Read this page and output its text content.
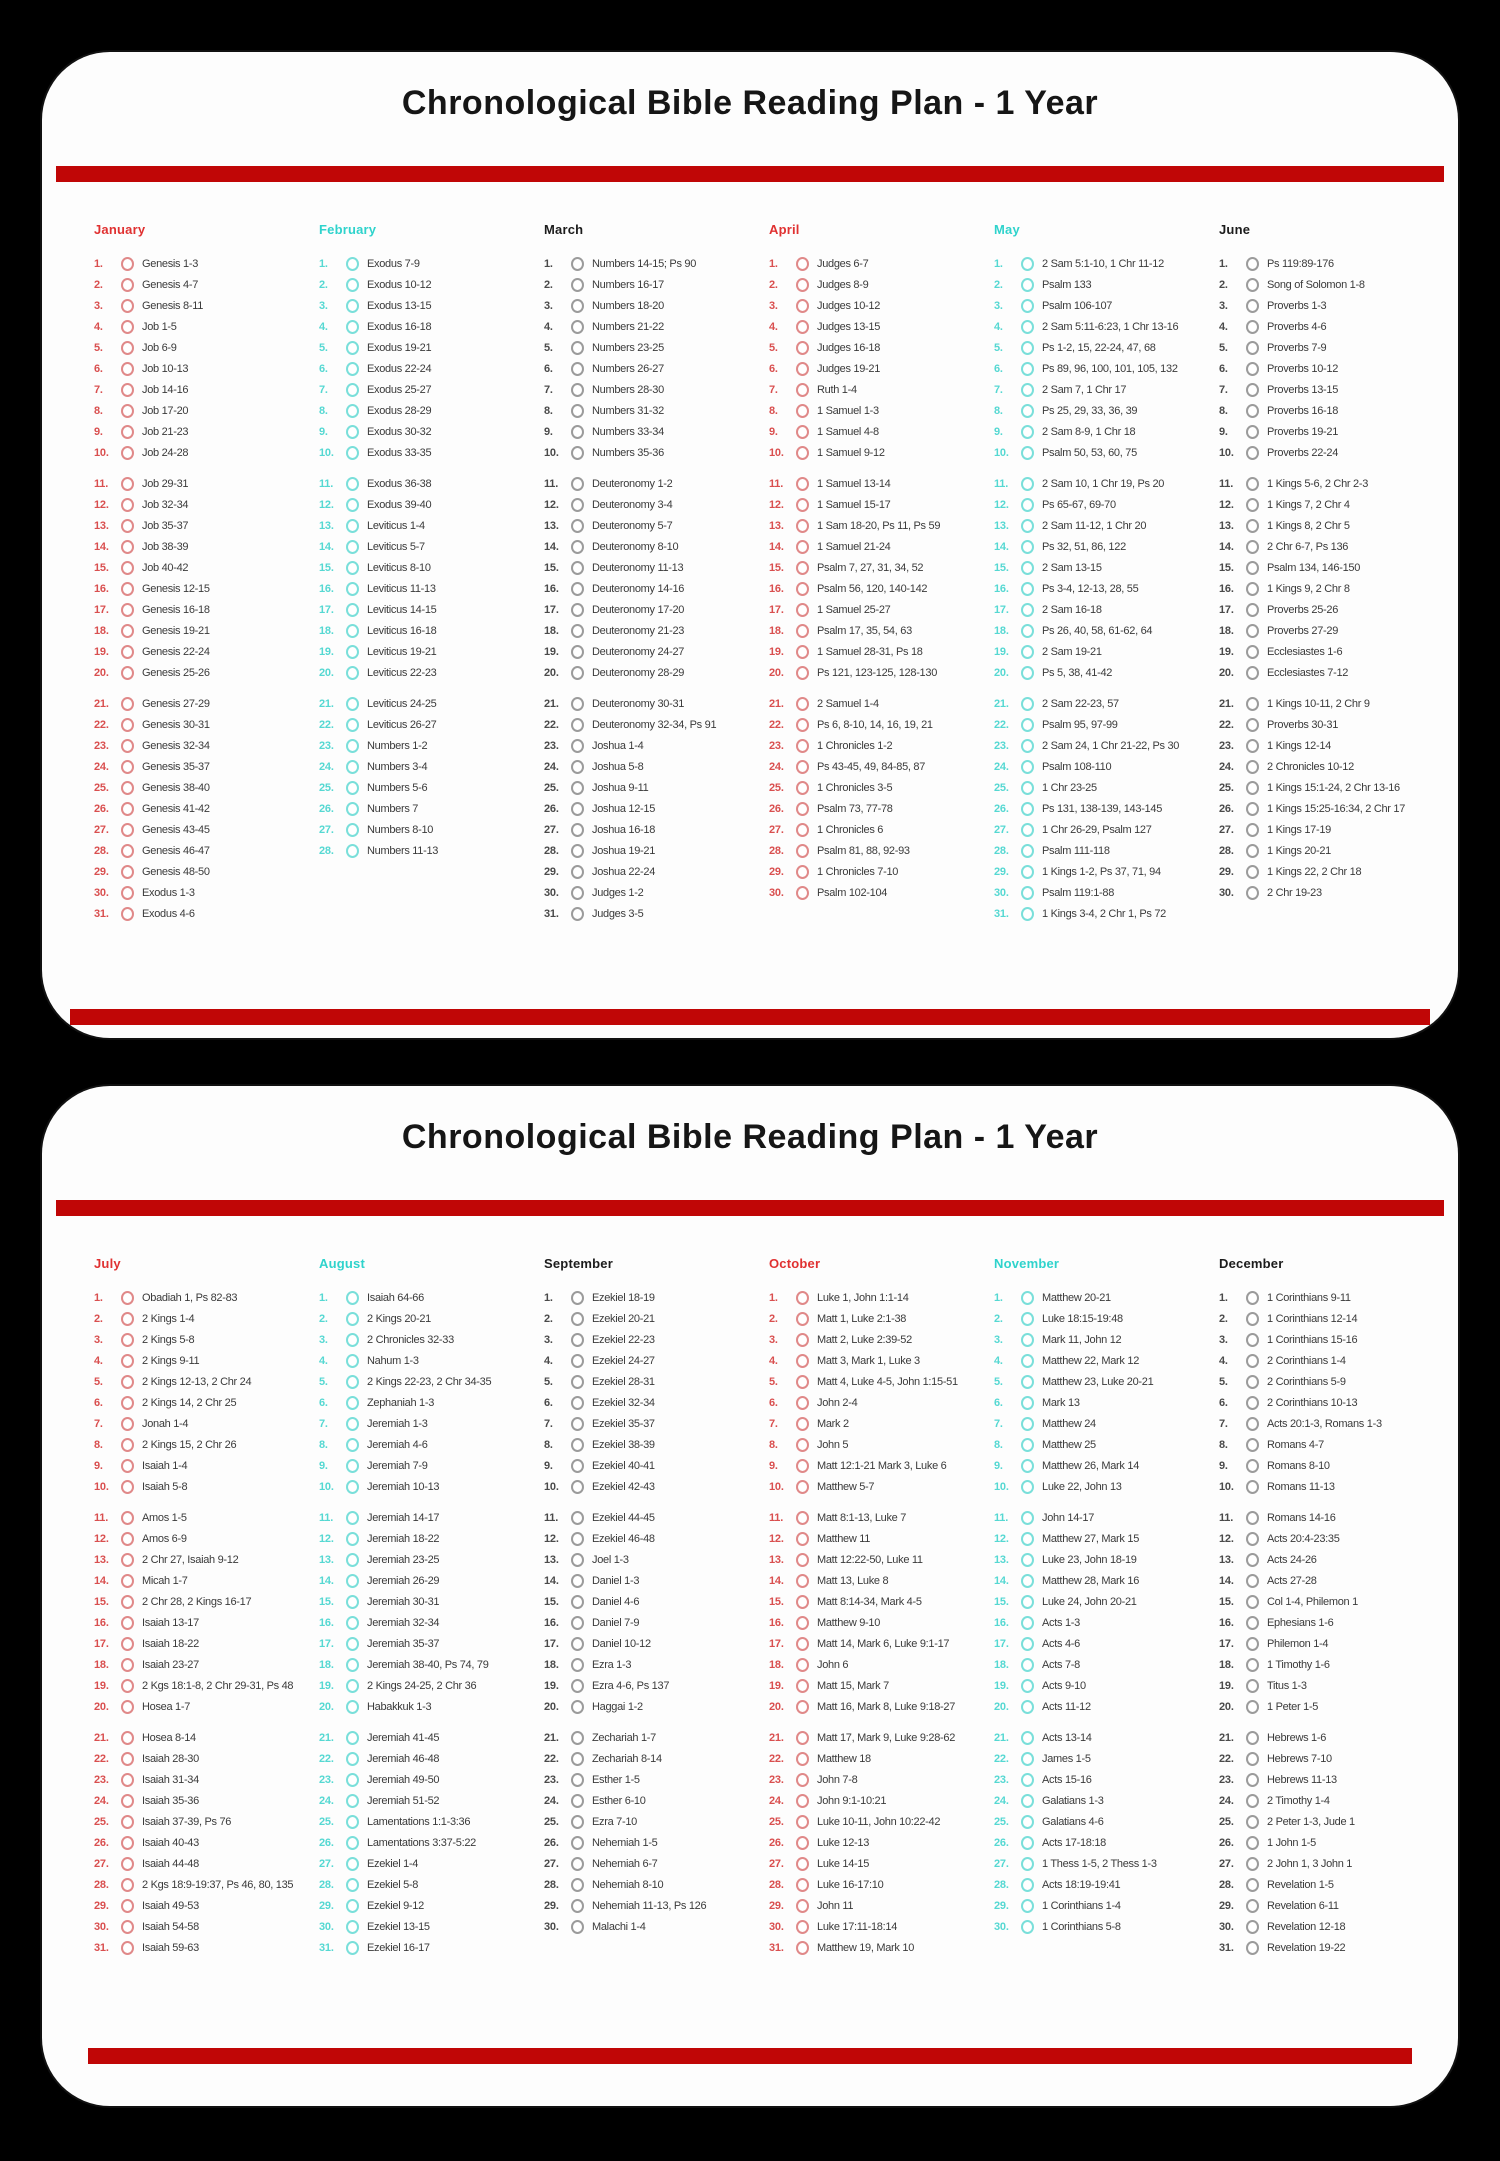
Chronological Bible Reading Plan - 1 Year
January
1.	Genesis 1-3
2.	Genesis 4-7
3.	Genesis 8-11
4.	Job 1-5
5.	Job 6-9
6.	Job 10-13
7.	Job 14-16
8.	Job 17-20
9.	Job 21-23
10.	Job 24-28
11.	Job 29-31
12.	Job 32-34
13.	Job 35-37
14.	Job 38-39
15.	Job 40-42
16.	Genesis 12-15
17.	Genesis 16-18
18.	Genesis 19-21
19.	Genesis 22-24
20.	Genesis 25-26
21.	Genesis 27-29
22.	Genesis 30-31
23.	Genesis 32-34
24.	Genesis 35-37
25.	Genesis 38-40
26.	Genesis 41-42
27.	Genesis 43-45
28.	Genesis 46-47
29.	Genesis 48-50
30.	Exodus 1-3
31.	Exodus 4-6
February
1.	Exodus 7-9
2.	Exodus 10-12
3.	Exodus 13-15
4.	Exodus 16-18
5.	Exodus 19-21
6.	Exodus 22-24
7.	Exodus 25-27
8.	Exodus 28-29
9.	Exodus 30-32
10.	Exodus 33-35
11.	Exodus 36-38
12.	Exodus 39-40
13.	Leviticus 1-4
14.	Leviticus 5-7
15.	Leviticus 8-10
16.	Leviticus 11-13
17.	Leviticus 14-15
18.	Leviticus 16-18
19.	Leviticus 19-21
20.	Leviticus 22-23
21.	Leviticus 24-25
22.	Leviticus 26-27
23.	Numbers 1-2
24.	Numbers 3-4
25.	Numbers 5-6
26.	Numbers 7
27.	Numbers 8-10
28.	Numbers 11-13
March
1.	Numbers 14-15; Ps 90
2.	Numbers 16-17
3.	Numbers 18-20
4.	Numbers 21-22
5.	Numbers 23-25
6.	Numbers 26-27
7.	Numbers 28-30
8.	Numbers 31-32
9.	Numbers 33-34
10.	Numbers 35-36
11.	Deuteronomy 1-2
12.	Deuteronomy 3-4
13.	Deuteronomy 5-7
14.	Deuteronomy 8-10
15.	Deuteronomy 11-13
16.	Deuteronomy 14-16
17.	Deuteronomy 17-20
18.	Deuteronomy 21-23
19.	Deuteronomy 24-27
20.	Deuteronomy 28-29
21.	Deuteronomy 30-31
22.	Deuteronomy 32-34, Ps 91
23.	Joshua 1-4
24.	Joshua 5-8
25.	Joshua 9-11
26.	Joshua 12-15
27.	Joshua 16-18
28.	Joshua 19-21
29.	Joshua 22-24
30.	Judges 1-2
31.	Judges 3-5
April
1.	Judges 6-7
2.	Judges 8-9
3.	Judges 10-12
4.	Judges 13-15
5.	Judges 16-18
6.	Judges 19-21
7.	Ruth 1-4
8.	1 Samuel 1-3
9.	1 Samuel 4-8
10.	1 Samuel 9-12
11.	1 Samuel 13-14
12.	1 Samuel 15-17
13.	1 Sam 18-20, Ps 11, Ps 59
14.	1 Samuel 21-24
15.	Psalm 7, 27, 31, 34, 52
16.	Psalm 56, 120, 140-142
17.	1 Samuel 25-27
18.	Psalm 17, 35, 54, 63
19.	1 Samuel 28-31, Ps 18
20.	Ps 121, 123-125, 128-130
21.	2 Samuel 1-4
22.	Ps 6, 8-10, 14, 16, 19, 21
23.	1 Chronicles 1-2
24.	Ps 43-45, 49, 84-85, 87
25.	1 Chronicles 3-5
26.	Psalm 73, 77-78
27.	1 Chronicles 6
28.	Psalm 81, 88, 92-93
29.	1 Chronicles 7-10
30.	Psalm 102-104
May
1.	2 Sam 5:1-10, 1 Chr 11-12
2.	Psalm 133
3.	Psalm 106-107
4.	2 Sam 5:11-6:23, 1 Chr 13-16
5.	Ps 1-2, 15, 22-24, 47, 68
6.	Ps 89, 96, 100, 101, 105, 132
7.	2 Sam 7, 1 Chr 17
8.	Ps 25, 29, 33, 36, 39
9.	2 Sam 8-9, 1 Chr 18
10.	Psalm 50, 53, 60, 75
11.	2 Sam 10, 1 Chr 19, Ps 20
12.	Ps 65-67, 69-70
13.	2 Sam 11-12, 1 Chr 20
14.	Ps 32, 51, 86, 122
15.	2 Sam 13-15
16.	Ps 3-4, 12-13, 28, 55
17.	2 Sam 16-18
18.	Ps 26, 40, 58, 61-62, 64
19.	2 Sam 19-21
20.	Ps 5, 38, 41-42
21.	2 Sam 22-23, 57
22.	Psalm 95, 97-99
23.	2 Sam 24, 1 Chr 21-22, Ps 30
24.	Psalm 108-110
25.	1 Chr 23-25
26.	Ps 131, 138-139, 143-145
27.	1 Chr 26-29, Psalm 127
28.	Psalm 111-118
29.	1 Kings 1-2, Ps 37, 71, 94
30.	Psalm 119:1-88
31.	1 Kings 3-4, 2 Chr 1, Ps 72
June
1.	Ps 119:89-176
2.	Song of Solomon 1-8
3.	Proverbs 1-3
4.	Proverbs 4-6
5.	Proverbs 7-9
6.	Proverbs 10-12
7.	Proverbs 13-15
8.	Proverbs 16-18
9.	Proverbs 19-21
10.	Proverbs 22-24
11.	1 Kings 5-6, 2 Chr 2-3
12.	1 Kings 7, 2 Chr 4
13.	1 Kings 8, 2 Chr 5
14.	2 Chr 6-7, Ps 136
15.	Psalm 134, 146-150
16.	1 Kings 9, 2 Chr 8
17.	Proverbs 25-26
18.	Proverbs 27-29
19.	Ecclesiastes 1-6
20.	Ecclesiastes 7-12
21.	1 Kings 10-11, 2 Chr 9
22.	Proverbs 30-31
23.	1 Kings 12-14
24.	2 Chronicles 10-12
25.	1 Kings 15:1-24, 2 Chr 13-16
26.	1 Kings 15:25-16:34, 2 Chr 17
27.	1 Kings 17-19
28.	1 Kings 20-21
29.	1 Kings 22, 2 Chr 18
30.	2 Chr 19-23
Chronological Bible Reading Plan - 1 Year
July
1.	Obadiah 1, Ps 82-83
2.	2 Kings 1-4
3.	2 Kings 5-8
4.	2 Kings 9-11
5.	2 Kings 12-13, 2 Chr 24
6.	2 Kings 14, 2 Chr 25
7.	Jonah 1-4
8.	2 Kings 15, 2 Chr 26
9.	Isaiah 1-4
10.	Isaiah 5-8
11.	Amos 1-5
12.	Amos 6-9
13.	2 Chr 27, Isaiah 9-12
14.	Micah 1-7
15.	2 Chr 28, 2 Kings 16-17
16.	Isaiah 13-17
17.	Isaiah 18-22
18.	Isaiah 23-27
19.	2 Kgs 18:1-8, 2 Chr 29-31, Ps 48
20.	Hosea 1-7
21.	Hosea 8-14
22.	Isaiah 28-30
23.	Isaiah 31-34
24.	Isaiah 35-36
25.	Isaiah 37-39, Ps 76
26.	Isaiah 40-43
27.	Isaiah 44-48
28.	2 Kgs 18:9-19:37, Ps 46, 80, 135
29.	Isaiah 49-53
30.	Isaiah 54-58
31.	Isaiah 59-63
August
1.	Isaiah 64-66
2.	2 Kings 20-21
3.	2 Chronicles 32-33
4.	Nahum 1-3
5.	2 Kings 22-23, 2 Chr 34-35
6.	Zephaniah 1-3
7.	Jeremiah 1-3
8.	Jeremiah 4-6
9.	Jeremiah 7-9
10.	Jeremiah 10-13
11.	Jeremiah 14-17
12.	Jeremiah 18-22
13.	Jeremiah 23-25
14.	Jeremiah 26-29
15.	Jeremiah 30-31
16.	Jeremiah 32-34
17.	Jeremiah 35-37
18.	Jeremiah 38-40, Ps 74, 79
19.	2 Kings 24-25, 2 Chr 36
20.	Habakkuk 1-3
21.	Jeremiah 41-45
22.	Jeremiah 46-48
23.	Jeremiah 49-50
24.	Jeremiah 51-52
25.	Lamentations 1:1-3:36
26.	Lamentations 3:37-5:22
27.	Ezekiel 1-4
28.	Ezekiel 5-8
29.	Ezekiel 9-12
30.	Ezekiel 13-15
31.	Ezekiel 16-17
September
1.	Ezekiel 18-19
2.	Ezekiel 20-21
3.	Ezekiel 22-23
4.	Ezekiel 24-27
5.	Ezekiel 28-31
6.	Ezekiel 32-34
7.	Ezekiel 35-37
8.	Ezekiel 38-39
9.	Ezekiel 40-41
10.	Ezekiel 42-43
11.	Ezekiel 44-45
12.	Ezekiel 46-48
13.	Joel 1-3
14.	Daniel 1-3
15.	Daniel 4-6
16.	Daniel 7-9
17.	Daniel 10-12
18.	Ezra 1-3
19.	Ezra 4-6, Ps 137
20.	Haggai 1-2
21.	Zechariah 1-7
22.	Zechariah 8-14
23.	Esther 1-5
24.	Esther 6-10
25.	Ezra 7-10
26.	Nehemiah 1-5
27.	Nehemiah 6-7
28.	Nehemiah 8-10
29.	Nehemiah 11-13, Ps 126
30.	Malachi 1-4
October
1.	Luke 1, John 1:1-14
2.	Matt 1, Luke 2:1-38
3.	Matt 2, Luke 2:39-52
4.	Matt 3, Mark 1, Luke 3
5.	Matt 4, Luke 4-5, John 1:15-51
6.	John 2-4
7.	Mark 2
8.	John 5
9.	Matt 12:1-21 Mark 3, Luke 6
10.	Matthew 5-7
11.	Matt 8:1-13, Luke 7
12.	Matthew 11
13.	Matt 12:22-50, Luke 11
14.	Matt 13, Luke 8
15.	Matt 8:14-34, Mark 4-5
16.	Matthew 9-10
17.	Matt 14, Mark 6, Luke 9:1-17
18.	John 6
19.	Matt 15, Mark 7
20.	Matt 16, Mark 8, Luke 9:18-27
21.	Matt 17, Mark 9, Luke 9:28-62
22.	Matthew 18
23.	John 7-8
24.	John 9:1-10:21
25.	Luke 10-11, John 10:22-42
26.	Luke 12-13
27.	Luke 14-15
28.	Luke 16-17:10
29.	John 11
30.	Luke 17:11-18:14
31.	Matthew 19, Mark 10
November
1.	Matthew 20-21
2.	Luke 18:15-19:48
3.	Mark 11, John 12
4.	Matthew 22, Mark 12
5.	Matthew 23, Luke 20-21
6.	Mark 13
7.	Matthew 24
8.	Matthew 25
9.	Matthew 26, Mark 14
10.	Luke 22, John 13
11.	John 14-17
12.	Matthew 27, Mark 15
13.	Luke 23, John 18-19
14.	Matthew 28, Mark 16
15.	Luke 24, John 20-21
16.	Acts 1-3
17.	Acts 4-6
18.	Acts 7-8
19.	Acts 9-10
20.	Acts 11-12
21.	Acts 13-14
22.	James 1-5
23.	Acts 15-16
24.	Galatians 1-3
25.	Galatians 4-6
26.	Acts 17-18:18
27.	1 Thess 1-5, 2 Thess 1-3
28.	Acts 18:19-19:41
29.	1 Corinthians 1-4
30.	1 Corinthians 5-8
December
1.	1 Corinthians 9-11
2.	1 Corinthians 12-14
3.	1 Corinthians 15-16
4.	2 Corinthians 1-4
5.	2 Corinthians 5-9
6.	2 Corinthians 10-13
7.	Acts 20:1-3, Romans 1-3
8.	Romans 4-7
9.	Romans 8-10
10.	Romans 11-13
11.	Romans 14-16
12.	Acts 20:4-23:35
13.	Acts 24-26
14.	Acts 27-28
15.	Col 1-4, Philemon 1
16.	Ephesians 1-6
17.	Philemon 1-4
18.	1 Timothy 1-6
19.	Titus 1-3
20.	1 Peter 1-5
21.	Hebrews 1-6
22.	Hebrews 7-10
23.	Hebrews 11-13
24.	2 Timothy 1-4
25.	2 Peter 1-3, Jude 1
26.	1 John 1-5
27.	2 John 1, 3 John 1
28.	Revelation 1-5
29.	Revelation 6-11
30.	Revelation 12-18
31.	Revelation 19-22
